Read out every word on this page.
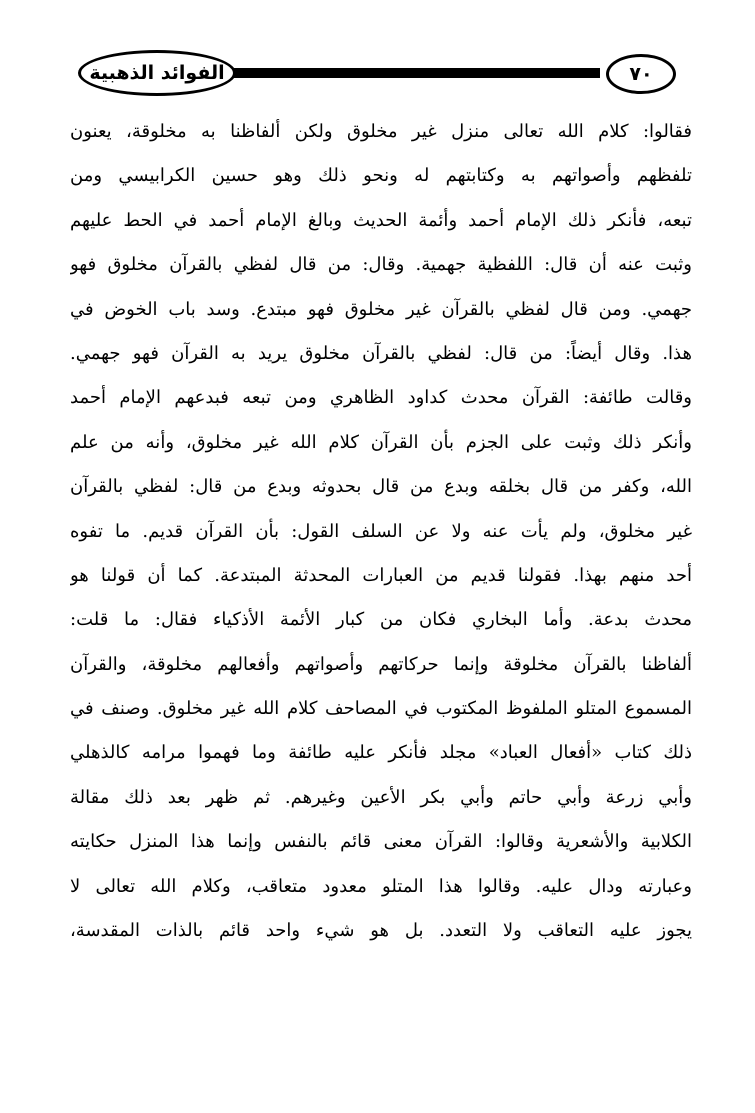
الفوائد الذهبية	٧٠
فقالوا: كلام الله تعالى منزل غير مخلوق ولكن ألفاظنا به مخلوقة، يعنون
تلفظهم وأصواتهم به وكتابتهم له ونحو ذلك وهو حسين الكرابيسي ومن
تبعه، فأنكر ذلك الإمام أحمد وأئمة الحديث وبالغ الإمام أحمد في الحط عليهم
وثبت عنه أن قال: اللفظية جهمية. وقال: من قال لفظي بالقرآن مخلوق فهو
جهمي. ومن قال لفظي بالقرآن غير مخلوق فهو مبتدع. وسد باب الخوض في
هذا. وقال أيضاً: من قال: لفظي بالقرآن مخلوق يريد به القرآن فهو جهمي.
وقالت طائفة: القرآن محدث كداود الظاهري ومن تبعه فبدعهم الإمام أحمد
وأنكر ذلك وثبت على الجزم بأن القرآن كلام الله غير مخلوق، وأنه من علم
الله، وكفر من قال بخلقه وبدع من قال بحدوثه وبدع من قال: لفظي بالقرآن
غير مخلوق، ولم يأت عنه ولا عن السلف القول: بأن القرآن قديم. ما تفوه
أحد منهم بهذا. فقولنا قديم من العبارات المحدثة المبتدعة. كما أن قولنا هو
محدث بدعة. وأما البخاري فكان من كبار الأئمة الأذكياء فقال: ما قلت:
ألفاظنا بالقرآن مخلوقة وإنما حركاتهم وأصواتهم وأفعالهم مخلوقة، والقرآن
المسموع المتلو الملفوظ المكتوب في المصاحف كلام الله غير مخلوق. وصنف في
ذلك كتاب «أفعال العباد» مجلد فأنكر عليه طائفة وما فهموا مرامه كالذهلي
وأبي زرعة وأبي حاتم وأبي بكر الأعين وغيرهم. ثم ظهر بعد ذلك مقالة
الكلابية والأشعرية وقالوا: القرآن معنى قائم بالنفس وإنما هذا المنزل حكايته
وعبارته ودال عليه. وقالوا هذا المتلو معدود متعاقب، وكلام الله تعالى لا
يجوز عليه التعاقب ولا التعدد. بل هو شيء واحد قائم بالذات المقدسة،
